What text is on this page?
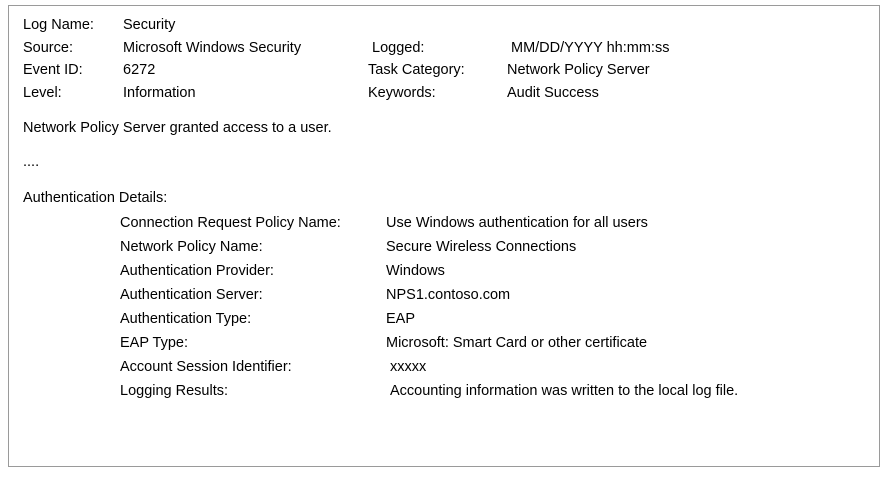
Log Name:	Security		
Source:	Microsoft Windows Security	Logged:	MM/DD/YYYY hh:mm:ss
Event ID:	6272	Task Category:	Network Policy Server
Level:	Information	Keywords:	Audit Success
Network Policy Server granted access to a user.
....
Authentication Details:
Connection Request Policy Name:	Use Windows authentication for all users
Network Policy Name:	Secure Wireless Connections
Authentication Provider:	Windows
Authentication Server:	NPS1.contoso.com
Authentication Type:	EAP
EAP Type:	Microsoft: Smart Card or other certificate
Account Session Identifier:	xxxxx
Logging Results:	Accounting information was written to the local log file.
